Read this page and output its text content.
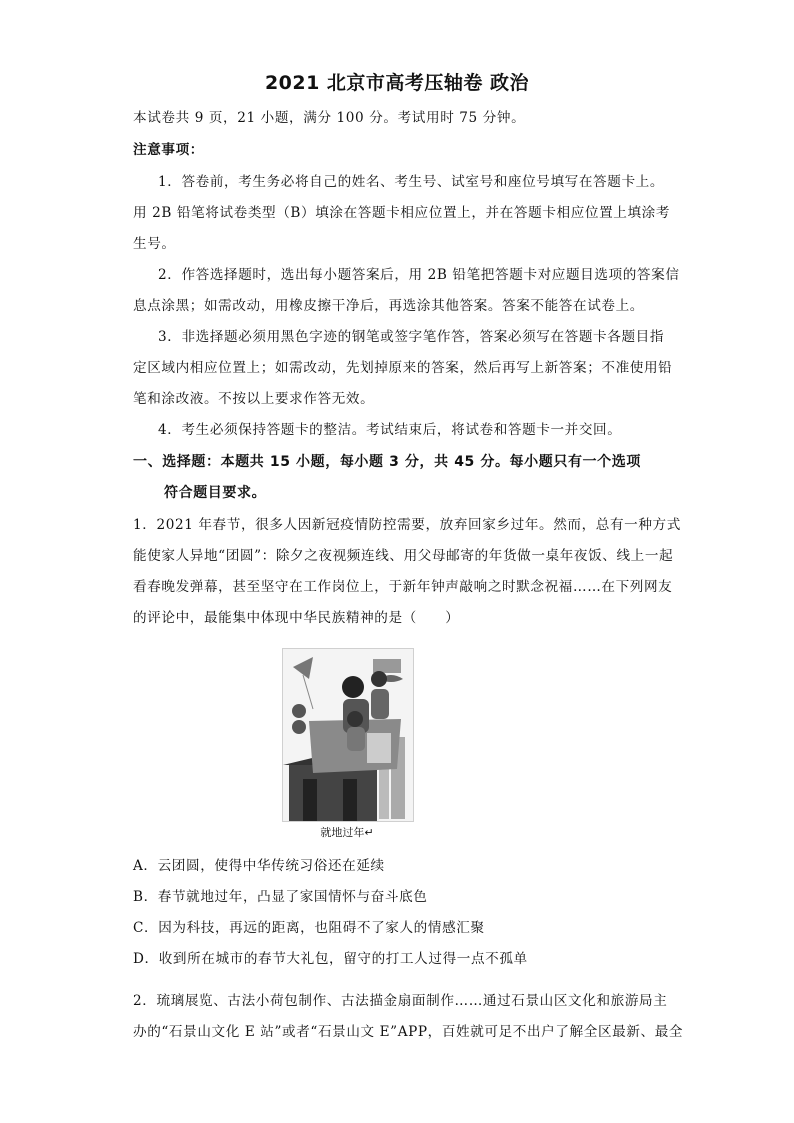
2021 北京市高考压轴卷 政治
本试卷共 9 页，21 小题，满分 100 分。考试用时 75 分钟。
注意事项：
1．答卷前，考生务必将自己的姓名、考生号、试室号和座位号填写在答题卡上。
用 2B 铅笔将试卷类型（B）填涂在答题卡相应位置上，并在答题卡相应位置上填涂考
生号。
2．作答选择题时，选出每小题答案后，用 2B 铅笔把答题卡对应题目选项的答案信
息点涂黑；如需改动，用橡皮擦干净后，再选涂其他答案。答案不能答在试卷上。
3．非选择题必须用黑色字迹的钢笔或签字笔作答，答案必须写在答题卡各题目指
定区域内相应位置上；如需改动，先划掉原来的答案，然后再写上新答案；不准使用铅
笔和涂改液。不按以上要求作答无效。
4．考生必须保持答题卡的整洁。考试结束后，将试卷和答题卡一并交回。
一、选择题：本题共 15 小题，每小题 3 分，共 45 分。每小题只有一个选项
符合题目要求。
1．2021 年春节，很多人因新冠疫情防控需要，放弃回家乡过年。然而，总有一种方式
能使家人异地“团圆”：除夕之夜视频连线、用父母邮寄的年货做一桌年夜饭、线上一起
看春晚发弹幕，甚至坚守在工作岗位上，于新年钟声敲响之时默念祝福……在下列网友
的评论中，最能集中体现中华民族精神的是（　　）
就地过年↵
A．云团圆，使得中华传统习俗还在延续
B．春节就地过年，凸显了家国情怀与奋斗底色
C．因为科技，再远的距离，也阻碍不了家人的情感汇聚
D．收到所在城市的春节大礼包，留守的打工人过得一点不孤单
2．琉璃展览、古法小荷包制作、古法描金扇面制作……通过石景山区文化和旅游局主
办的“石景山文化 E 站”或者“石景山文 E”APP，百姓就可足不出户了解全区最新、最全
